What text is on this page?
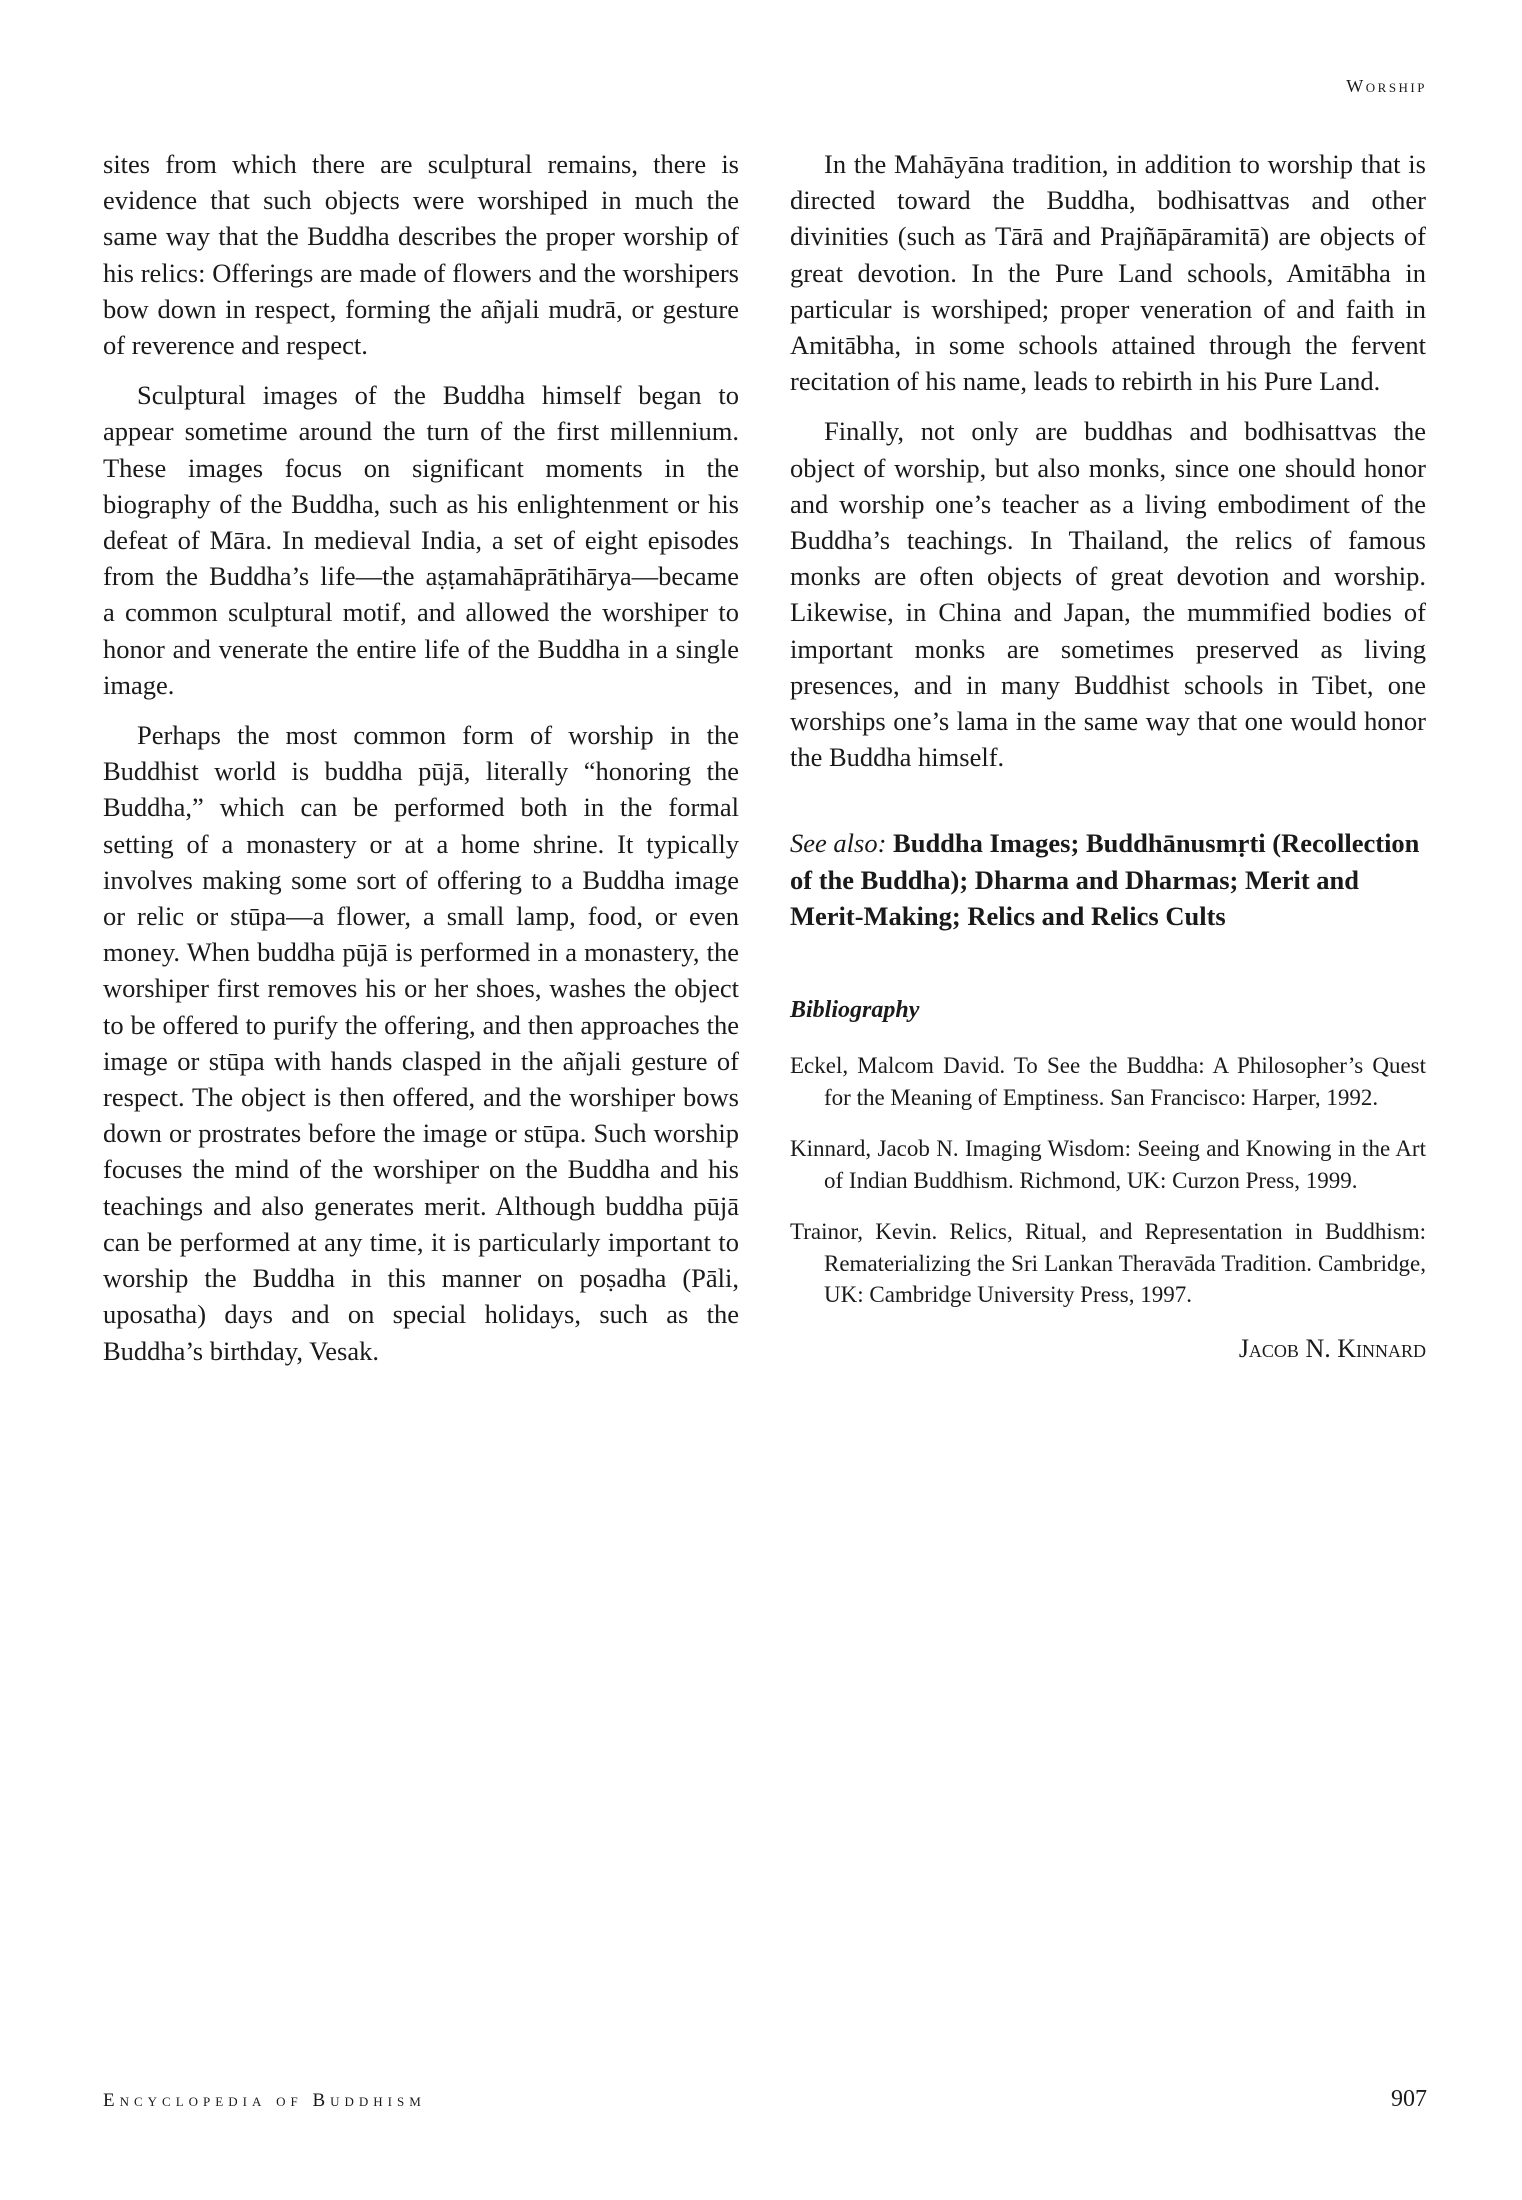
Worship

sites from which there are sculptural remains, there is evidence that such objects were worshiped in much the same way that the Buddha describes the proper worship of his relics: Offerings are made of flowers and the worshipers bow down in respect, forming the añjali mudrā, or gesture of reverence and respect.

Sculptural images of the Buddha himself began to appear sometime around the turn of the first millennium. These images focus on significant moments in the biography of the Buddha, such as his enlightenment or his defeat of Māra. In medieval India, a set of eight episodes from the Buddha’s life—the aṣṭamahāprātihārya—became a common sculptural motif, and allowed the worshiper to honor and venerate the entire life of the Buddha in a single image.

Perhaps the most common form of worship in the Buddhist world is buddha pūjā, literally “honoring the Buddha,” which can be performed both in the formal setting of a monastery or at a home shrine. It typically involves making some sort of offering to a Buddha image or relic or stūpa—a flower, a small lamp, food, or even money. When buddha pūjā is performed in a monastery, the worshiper first removes his or her shoes, washes the object to be offered to purify the offering, and then approaches the image or stūpa with hands clasped in the añjali gesture of respect. The object is then offered, and the worshiper bows down or prostrates before the image or stūpa. Such worship focuses the mind of the worshiper on the Buddha and his teachings and also generates merit. Although buddha pūjā can be performed at any time, it is particularly important to worship the Buddha in this manner on poṣadha (Pāli, uposatha) days and on special holidays, such as the Buddha’s birthday, Vesak.

In the Mahāyāna tradition, in addition to worship that is directed toward the Buddha, bodhisattvas and other divinities (such as Tārā and Prajñāpāramitā) are objects of great devotion. In the Pure Land schools, Amitābha in particular is worshiped; proper veneration of and faith in Amitābha, in some schools attained through the fervent recitation of his name, leads to rebirth in his Pure Land.

Finally, not only are buddhas and bodhisattvas the object of worship, but also monks, since one should honor and worship one’s teacher as a living embodiment of the Buddha’s teachings. In Thailand, the relics of famous monks are often objects of great devotion and worship. Likewise, in China and Japan, the mummified bodies of important monks are sometimes preserved as living presences, and in many Buddhist schools in Tibet, one worships one’s lama in the same way that one would honor the Buddha himself.

See also: Buddha Images; Buddhānusmṛti (Recollection of the Buddha); Dharma and Dharmas; Merit and Merit-Making; Relics and Relics Cults

Bibliography
Eckel, Malcom David. To See the Buddha: A Philosopher’s Quest for the Meaning of Emptiness. San Francisco: Harper, 1992.
Kinnard, Jacob N. Imaging Wisdom: Seeing and Knowing in the Art of Indian Buddhism. Richmond, UK: Curzon Press, 1999.
Trainor, Kevin. Relics, Ritual, and Representation in Buddhism: Rematerializing the Sri Lankan Theravāda Tradition. Cambridge, UK: Cambridge University Press, 1997.
Jacob N. Kinnard
Encyclopedia of Buddhism	907
